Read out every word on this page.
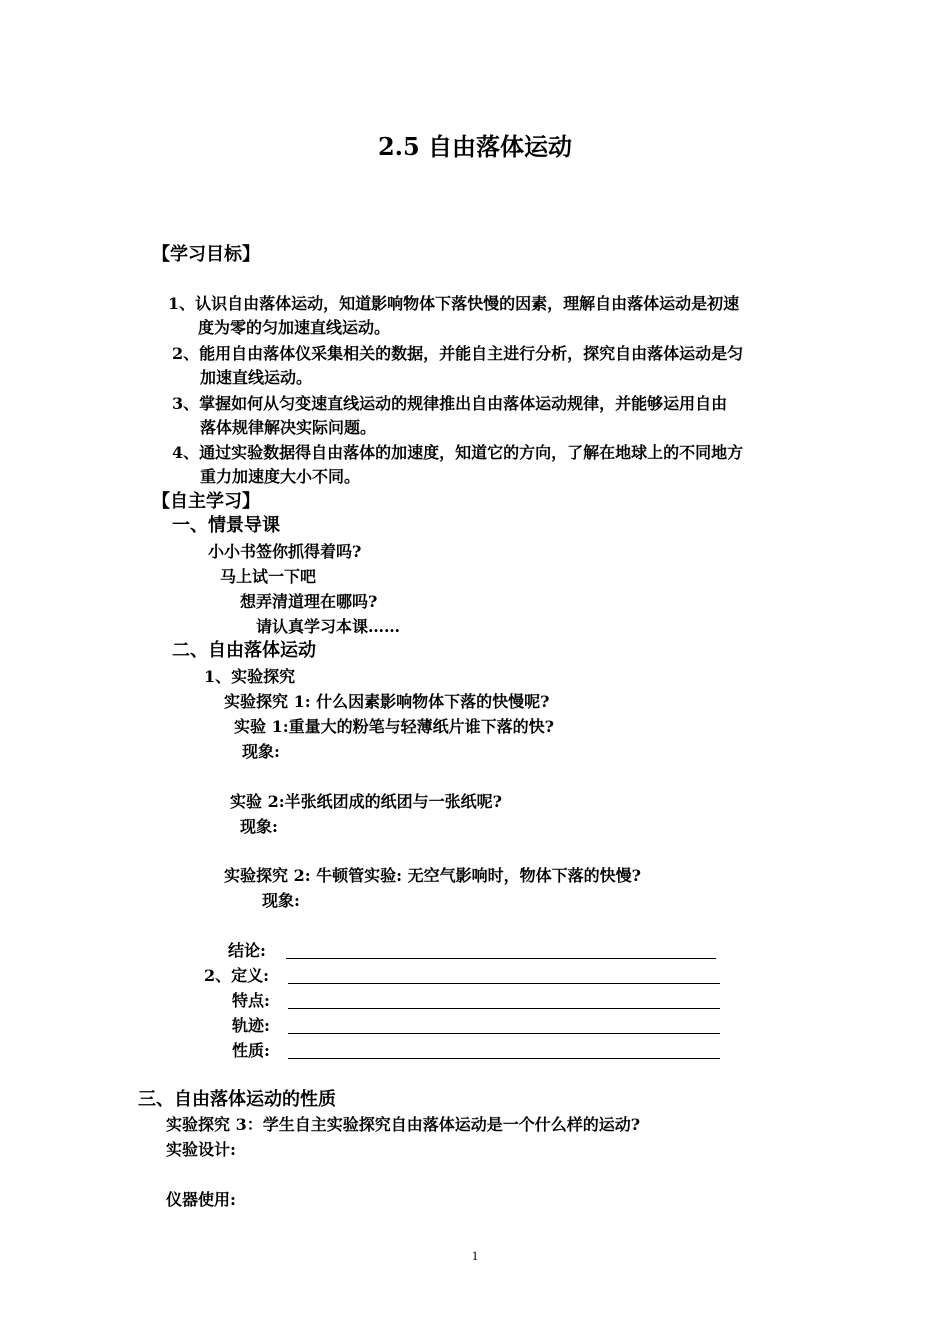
2.5 自由落体运动
【学习目标】
1、认识自由落体运动，知道影响物体下落快慢的因素，理解自由落体运动是初速
度为零的匀加速直线运动。
2、能用自由落体仪采集相关的数据，并能自主进行分析，探究自由落体运动是匀
加速直线运动。
3、掌握如何从匀变速直线运动的规律推出自由落体运动规律，并能够运用自由
落体规律解决实际问题。
4、通过实验数据得自由落体的加速度，知道它的方向，了解在地球上的不同地方
重力加速度大小不同。
【自主学习】
一、情景导课
小小书签你抓得着吗?
马上试一下吧
想弄清道理在哪吗?
请认真学习本课……
二、自由落体运动
1、实验探究
实验探究 1: 什么因素影响物体下落的快慢呢?
实验 1:重量大的粉笔与轻薄纸片谁下落的快?
现象:
实验 2:半张纸团成的纸团与一张纸呢?
现象:
实验探究 2: 牛顿管实验: 无空气影响时，物体下落的快慢?
现象:
结论:
2、定义:
特点:
轨迹:
性质:
三、自由落体运动的性质
实验探究 3：学生自主实验探究自由落体运动是一个什么样的运动?
实验设计:
仪器使用:
1
